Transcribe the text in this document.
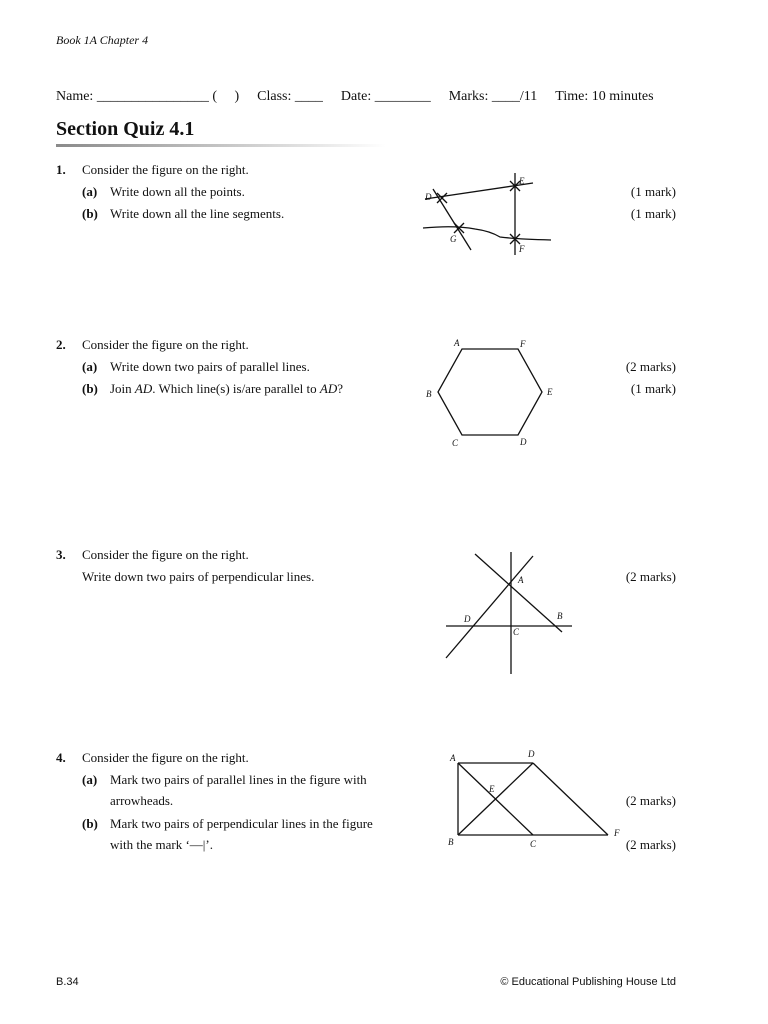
Book 1A Chapter 4
Name: ________________ (     ) Class: ____ Date: ________ Marks: ____/11 Time: 10 minutes
Section Quiz 4.1
1. Consider the figure on the right.
(a) Write down all the points.	(1 mark)
(b) Write down all the line segments.	(1 mark)
D
E
G
F
2. Consider the figure on the right.
(a) Write down two pairs of parallel lines.	(2 marks)
(b) Join AD. Which line(s) is/are parallel to AD?	(1 mark)
A	F
B	E
C	D
3. Consider the figure on the right.
Write down two pairs of perpendicular lines.	(2 marks)
A
D	B
C
4. Consider the figure on the right.
(a) Mark two pairs of parallel lines in the figure with
arrowheads.	(2 marks)
(b) Mark two pairs of perpendicular lines in the figure
with the mark ‘—|’.	(2 marks)
A	D
E
B	C
F
B.34	© Educational Publishing House Ltd
